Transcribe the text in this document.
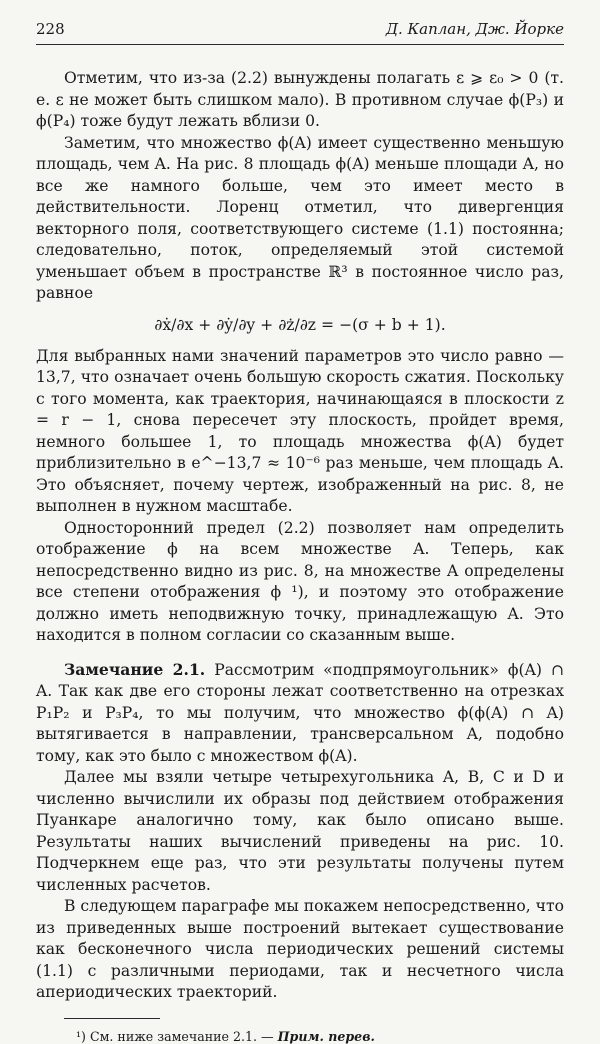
228	Д. Каплан, Дж. Йорке

Отметим, что из-за (2.2) вынуждены полагать ε ⩾ ε₀ > 0 (т. е. ε не может быть слишком мало). В противном случае ϕ(P₃) и ϕ(P₄) тоже будут лежать вблизи 0.

Заметим, что множество ϕ(A) имеет существенно меньшую площадь, чем A. На рис. 8 площадь ϕ(A) меньше площади A, но все же намного больше, чем это имеет место в действительности. Лоренц отметил, что дивергенция векторного поля, соответствующего системе (1.1) постоянна; следовательно, поток, определяемый этой системой уменьшает объем в пространстве ℝ³ в постоянное число раз, равное

∂ẋ/∂x + ∂ẏ/∂y + ∂ż/∂z = −(σ + b + 1).

Для выбранных нами значений параметров это число равно — 13,7, что означает очень большую скорость сжатия. Поскольку с того момента, как траектория, начинающаяся в плоскости z = r − 1, снова пересечет эту плоскость, пройдет время, немного большее 1, то площадь множества ϕ(A) будет приблизительно в e^−13,7 ≈ 10⁻⁶ раз меньше, чем площадь A. Это объясняет, почему чертеж, изображенный на рис. 8, не выполнен в нужном масштабе.

Односторонний предел (2.2) позволяет нам определить отображение ϕ на всем множестве A. Теперь, как непосредственно видно из рис. 8, на множестве A определены все степени отображения ϕ ¹), и поэтому это отображение должно иметь неподвижную точку, принадлежащую A. Это находится в полном согласии со сказанным выше.

Замечание 2.1. Рассмотрим «подпрямоугольник» ϕ(A) ∩ A. Так как две его стороны лежат соответственно на отрезках P₁P₂ и P₃P₄, то мы получим, что множество ϕ(ϕ(A) ∩ A) вытягивается в направлении, трансверсальном A, подобно тому, как это было с множеством ϕ(A).

Далее мы взяли четыре четырехугольника A, B, C и D и численно вычислили их образы под действием отображения Пуанкаре аналогично тому, как было описано выше. Результаты наших вычислений приведены на рис. 10. Подчеркнем еще раз, что эти результаты получены путем численных расчетов.

В следующем параграфе мы покажем непосредственно, что из приведенных выше построений вытекает существование как бесконечного числа периодических решений системы (1.1) с различными периодами, так и несчетного числа апериодических траекторий.

¹) См. ниже замечание 2.1. — Прим. перев.
